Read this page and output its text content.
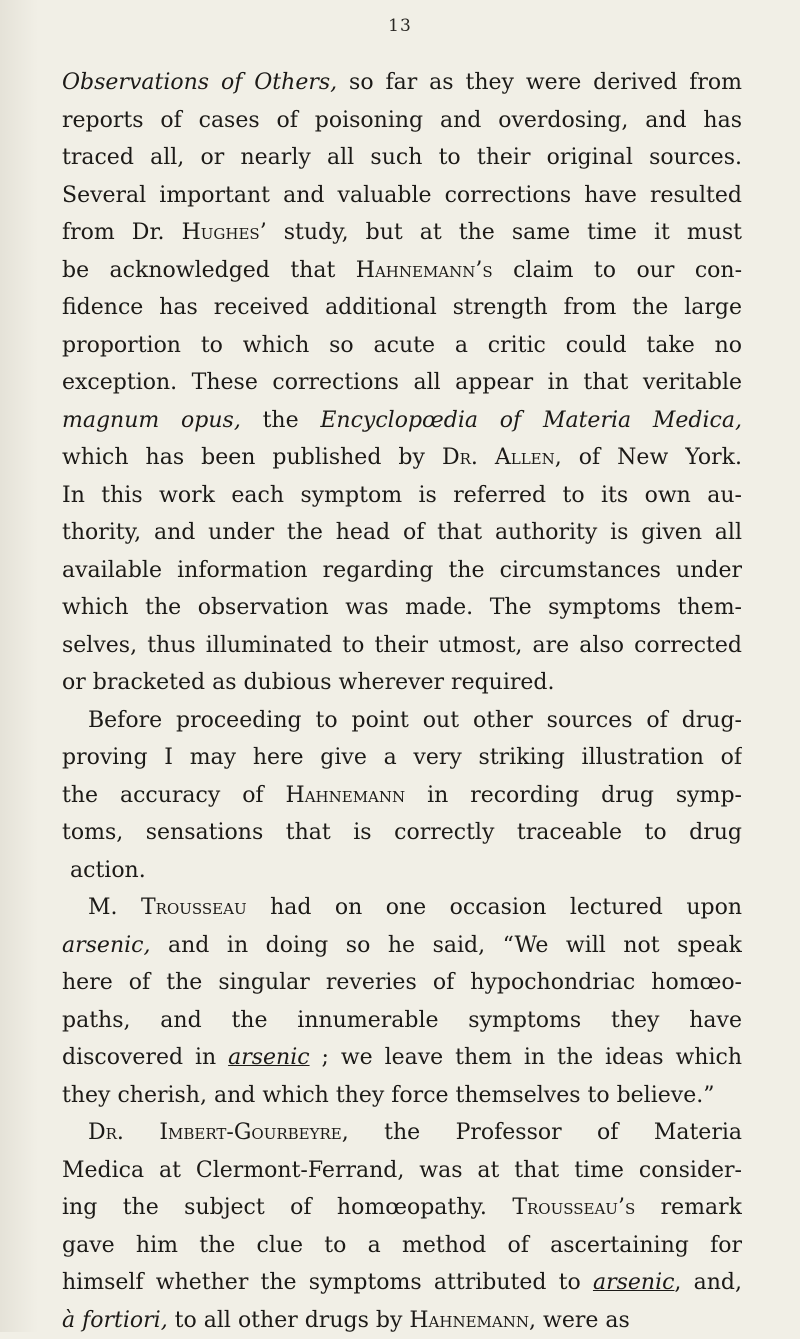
13
Observations of Others, so far as they were derived from
reports of cases of poisoning and overdosing, and has
traced all, or nearly all such to their original sources.
Several important and valuable corrections have resulted
from Dr. Hughes’ study, but at the same time it must
be acknowledged that Hahnemann’s claim to our con-
fidence has received additional strength from the large
proportion to which so acute a critic could take no
exception. These corrections all appear in that veritable
magnum opus, the Encyclopœdia of Materia Medica,
which has been published by Dr. Allen, of New York.
In this work each symptom is referred to its own au-
thority, and under the head of that authority is given all
available information regarding the circumstances under
which the observation was made. The symptoms them-
selves, thus illuminated to their utmost, are also corrected
or bracketed as dubious wherever required.
Before proceeding to point out other sources of drug-
proving I may here give a very striking illustration of
the accuracy of Hahnemann in recording drug symp-
toms, sensations that is correctly traceable to drug
action.
M. Trousseau had on one occasion lectured upon
arsenic, and in doing so he said, “We will not speak
here of the singular reveries of hypochondriac homœo-
paths, and the innumerable symptoms they have
discovered in arsenic ; we leave them in the ideas which
they cherish, and which they force themselves to believe.”
Dr. Imbert-Gourbeyre, the Professor of Materia
Medica at Clermont-Ferrand, was at that time consider-
ing the subject of homœopathy. Trousseau’s remark
gave him the clue to a method of ascertaining for
himself whether the symptoms attributed to arsenic, and,
à fortiori, to all other drugs by Hahnemann, were as
